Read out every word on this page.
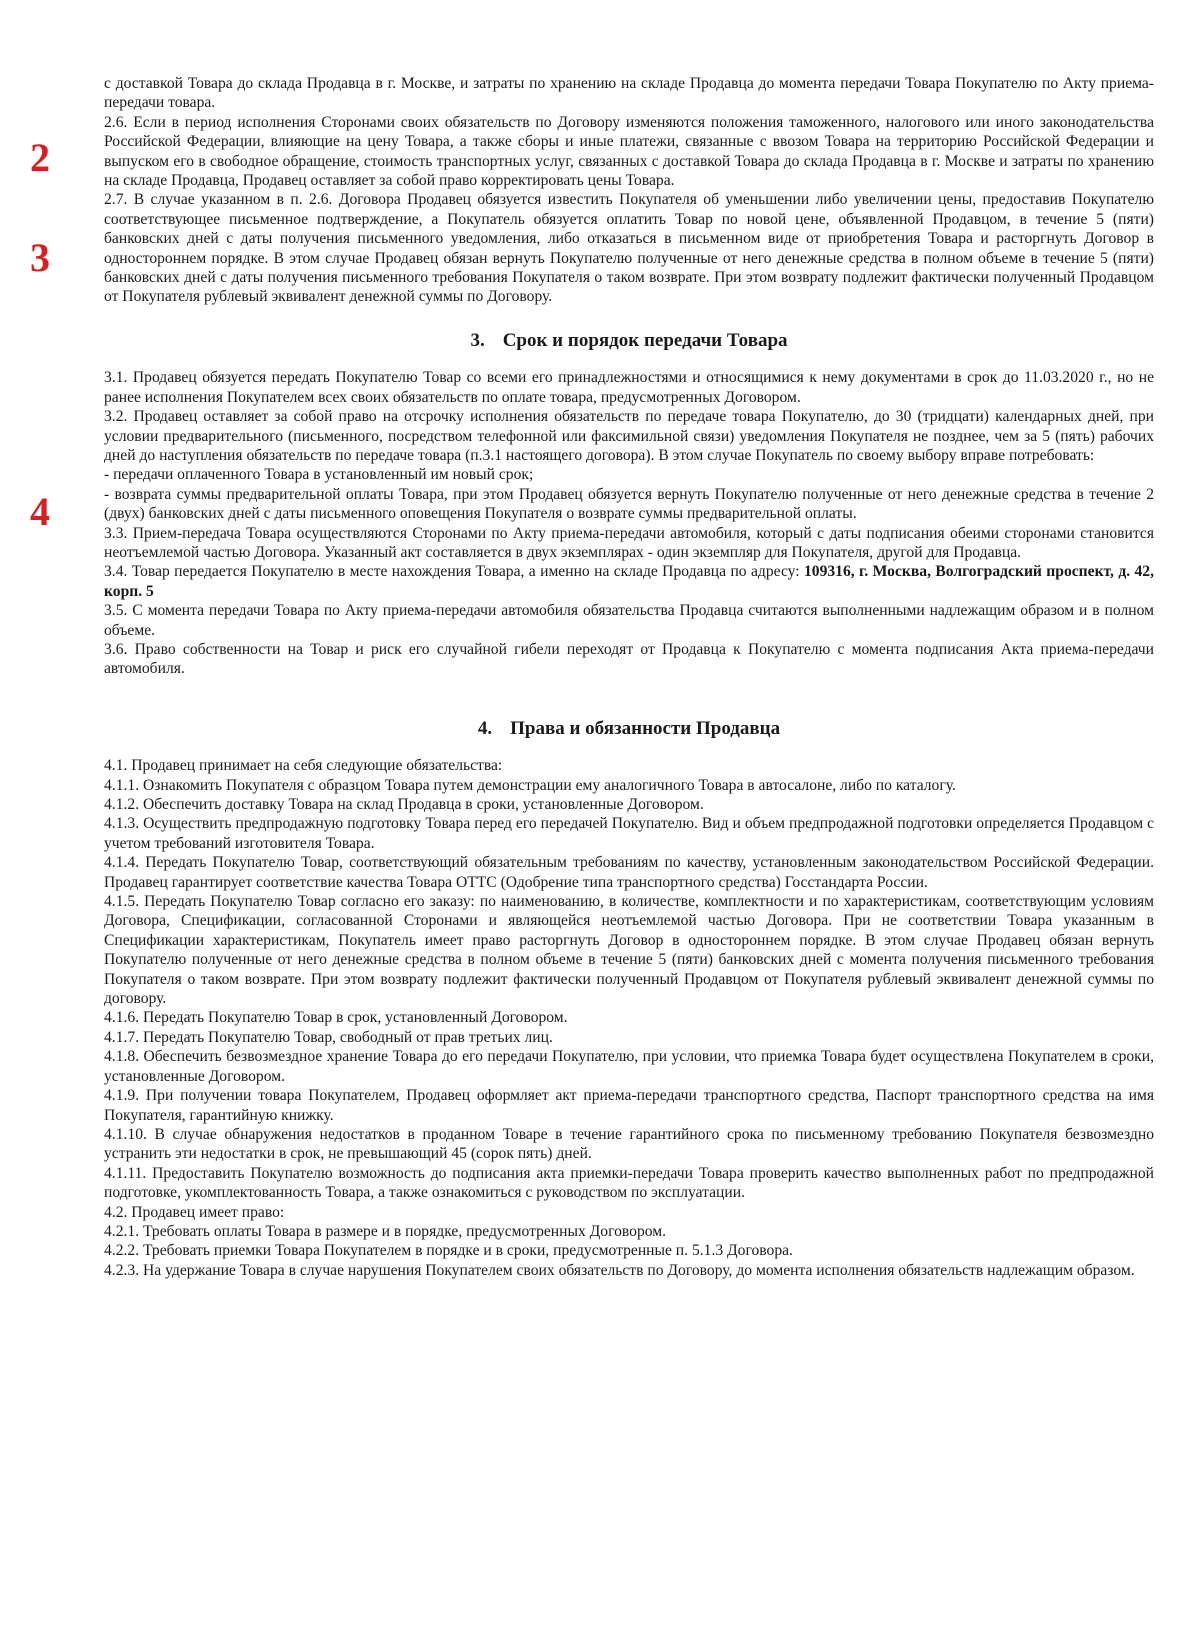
2
3
4

с доставкой Товара до склада Продавца в г. Москве, и затраты по хранению на складе Продавца до момента передачи Товара Покупателю по Акту приема-передачи товара.

2.6. Если в период исполнения Сторонами своих обязательств по Договору изменяются положения таможенного, налогового или иного законодательства Российской Федерации, влияющие на цену Товара, а также сборы и иные платежи, связанные с ввозом Товара на территорию Российской Федерации и выпуском его в свободное обращение, стоимость транспортных услуг, связанных с доставкой Товара до склада Продавца в г. Москве и затраты по хранению на складе Продавца, Продавец оставляет за собой право корректировать цены Товара.

2.7. В случае указанном в п. 2.6. Договора Продавец обязуется известить Покупателя об уменьшении либо увеличении цены, предоставив Покупателю соответствующее письменное подтверждение, а Покупатель обязуется оплатить Товар по новой цене, объявленной Продавцом, в течение 5 (пяти) банковских дней с даты получения письменного уведомления, либо отказаться в письменном виде от приобретения Товара и расторгнуть Договор в одностороннем порядке. В этом случае Продавец обязан вернуть Покупателю полученные от него денежные средства в полном объеме в течение 5 (пяти) банковских дней с даты получения письменного требования Покупателя о таком возврате. При этом возврату подлежит фактически полученный Продавцом от Покупателя рублевый эквивалент денежной суммы по Договору.

3. Срок и порядок передачи Товара

3.1. Продавец обязуется передать Покупателю Товар со всеми его принадлежностями и относящимися к нему документами в срок до 11.03.2020 г., но не ранее исполнения Покупателем всех своих обязательств по оплате товара, предусмотренных Договором.

3.2. Продавец оставляет за собой право на отсрочку исполнения обязательств по передаче товара Покупателю, до 30 (тридцати) календарных дней, при условии предварительного (письменного, посредством телефонной или факсимильной связи) уведомления Покупателя не позднее, чем за 5 (пять) рабочих дней до наступления обязательств по передаче товара (п.3.1 настоящего договора). В этом случае Покупатель по своему выбору вправе потребовать:

- передачи оплаченного Товара в установленный им новый срок;

- возврата суммы предварительной оплаты Товара, при этом Продавец обязуется вернуть Покупателю полученные от него денежные средства в течение 2 (двух) банковских дней с даты письменного оповещения Покупателя о возврате суммы предварительной оплаты.

3.3. Прием-передача Товара осуществляются Сторонами по Акту приема-передачи автомобиля, который с даты подписания обеими сторонами становится неотъемлемой частью Договора. Указанный акт составляется в двух экземплярах - один экземпляр для Покупателя, другой для Продавца.

3.4. Товар передается Покупателю в месте нахождения Товара, а именно на складе Продавца по адресу: 109316, г. Москва, Волгоградский проспект, д. 42, корп. 5

3.5. С момента передачи Товара по Акту приема-передачи автомобиля обязательства Продавца считаются выполненными надлежащим образом и в полном объеме.

3.6. Право собственности на Товар и риск его случайной гибели переходят от Продавца к Покупателю с момента подписания Акта приема-передачи автомобиля.

4. Права и обязанности Продавца

4.1. Продавец принимает на себя следующие обязательства:

4.1.1. Ознакомить Покупателя с образцом Товара путем демонстрации ему аналогичного Товара в автосалоне, либо по каталогу.

4.1.2. Обеспечить доставку Товара на склад Продавца в сроки, установленные Договором.

4.1.3. Осуществить предпродажную подготовку Товара перед его передачей Покупателю. Вид и объем предпродажной подготовки определяется Продавцом с учетом требований изготовителя Товара.

4.1.4. Передать Покупателю Товар, соответствующий обязательным требованиям по качеству, установленным законодательством Российской Федерации. Продавец гарантирует соответствие качества Товара ОТТС (Одобрение типа транспортного средства) Госстандарта России.

4.1.5. Передать Покупателю Товар согласно его заказу: по наименованию, в количестве, комплектности и по характеристикам, соответствующим условиям Договора, Спецификации, согласованной Сторонами и являющейся неотъемлемой частью Договора. При не соответствии Товара указанным в Спецификации характеристикам, Покупатель имеет право расторгнуть Договор в одностороннем порядке. В этом случае Продавец обязан вернуть Покупателю полученные от него денежные средства в полном объеме в течение 5 (пяти) банковских дней с момента получения письменного требования Покупателя о таком возврате. При этом возврату подлежит фактически полученный Продавцом от Покупателя рублевый эквивалент денежной суммы по договору.

4.1.6. Передать Покупателю Товар в срок, установленный Договором.

4.1.7. Передать Покупателю Товар, свободный от прав третьих лиц.

4.1.8. Обеспечить безвозмездное хранение Товара до его передачи Покупателю, при условии, что приемка Товара будет осуществлена Покупателем в сроки, установленные Договором.

4.1.9. При получении товара Покупателем, Продавец оформляет акт приема-передачи транспортного средства, Паспорт транспортного средства на имя Покупателя, гарантийную книжку.

4.1.10. В случае обнаружения недостатков в проданном Товаре в течение гарантийного срока по письменному требованию Покупателя безвозмездно устранить эти недостатки в срок, не превышающий 45 (сорок пять) дней.

4.1.11. Предоставить Покупателю возможность до подписания акта приемки-передачи Товара проверить качество выполненных работ по предпродажной подготовке, укомплектованность Товара, а также ознакомиться с руководством по эксплуатации.

4.2. Продавец имеет право:

4.2.1. Требовать оплаты Товара в размере и в порядке, предусмотренных Договором.

4.2.2. Требовать приемки Товара Покупателем в порядке и в сроки, предусмотренные п. 5.1.3 Договора.

4.2.3. На удержание Товара в случае нарушения Покупателем своих обязательств по Договору, до момента исполнения обязательств надлежащим образом.
